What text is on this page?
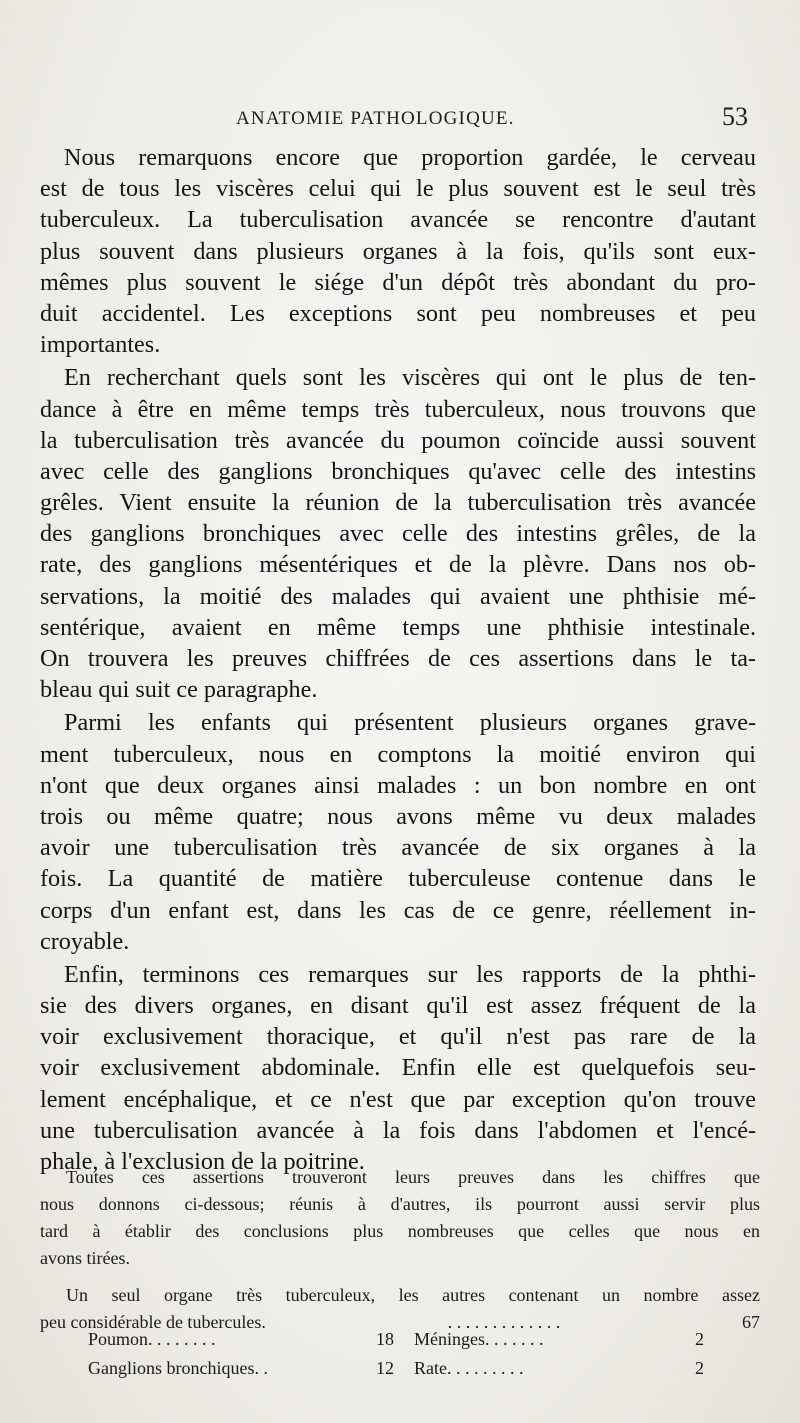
ANATOMIE PATHOLOGIQUE.	53

Nous remarquons encore que proportion gardée, le cerveau
est de tous les viscères celui qui le plus souvent est le seul très
tuberculeux. La tuberculisation avancée se rencontre d'autant
plus souvent dans plusieurs organes à la fois, qu'ils sont eux-
mêmes plus souvent le siége d'un dépôt très abondant du pro-
duit accidentel. Les exceptions sont peu nombreuses et peu
importantes.

En recherchant quels sont les viscères qui ont le plus de ten-
dance à être en même temps très tuberculeux, nous trouvons que
la tuberculisation très avancée du poumon coïncide aussi souvent
avec celle des ganglions bronchiques qu'avec celle des intestins
grêles. Vient ensuite la réunion de la tuberculisation très avancée
des ganglions bronchiques avec celle des intestins grêles, de la
rate, des ganglions mésentériques et de la plèvre. Dans nos ob-
servations, la moitié des malades qui avaient une phthisie mé-
sentérique, avaient en même temps une phthisie intestinale.
On trouvera les preuves chiffrées de ces assertions dans le ta-
bleau qui suit ce paragraphe.

Parmi les enfants qui présentent plusieurs organes grave-
ment tuberculeux, nous en comptons la moitié environ qui
n'ont que deux organes ainsi malades : un bon nombre en ont
trois ou même quatre; nous avons même vu deux malades
avoir une tuberculisation très avancée de six organes à la
fois. La quantité de matière tuberculeuse contenue dans le
corps d'un enfant est, dans les cas de ce genre, réellement in-
croyable.

Enfin, terminons ces remarques sur les rapports de la phthi-
sie des divers organes, en disant qu'il est assez fréquent de la
voir exclusivement thoracique, et qu'il n'est pas rare de la
voir exclusivement abdominale. Enfin elle est quelquefois seu-
lement encéphalique, et ce n'est que par exception qu'on trouve
une tuberculisation avancée à la fois dans l'abdomen et l'encé-
phale, à l'exclusion de la poitrine.

Toutes ces assertions trouveront leurs preuves dans les chiffres que
nous donnons ci-dessous; réunis à d'autres, ils pourront aussi servir plus
tard à établir des conclusions plus nombreuses que celles que nous en
avons tirées.
Un seul organe très tuberculeux, les autres contenant un nombre assez
peu considérable de tubercules.	. . . . . . . . . . . . .	67
Poumon. . . . . . . .	18 Méninges. . . . . . .	2
Ganglions bronchiques. .	12 Rate. . . . . . . . .	2
